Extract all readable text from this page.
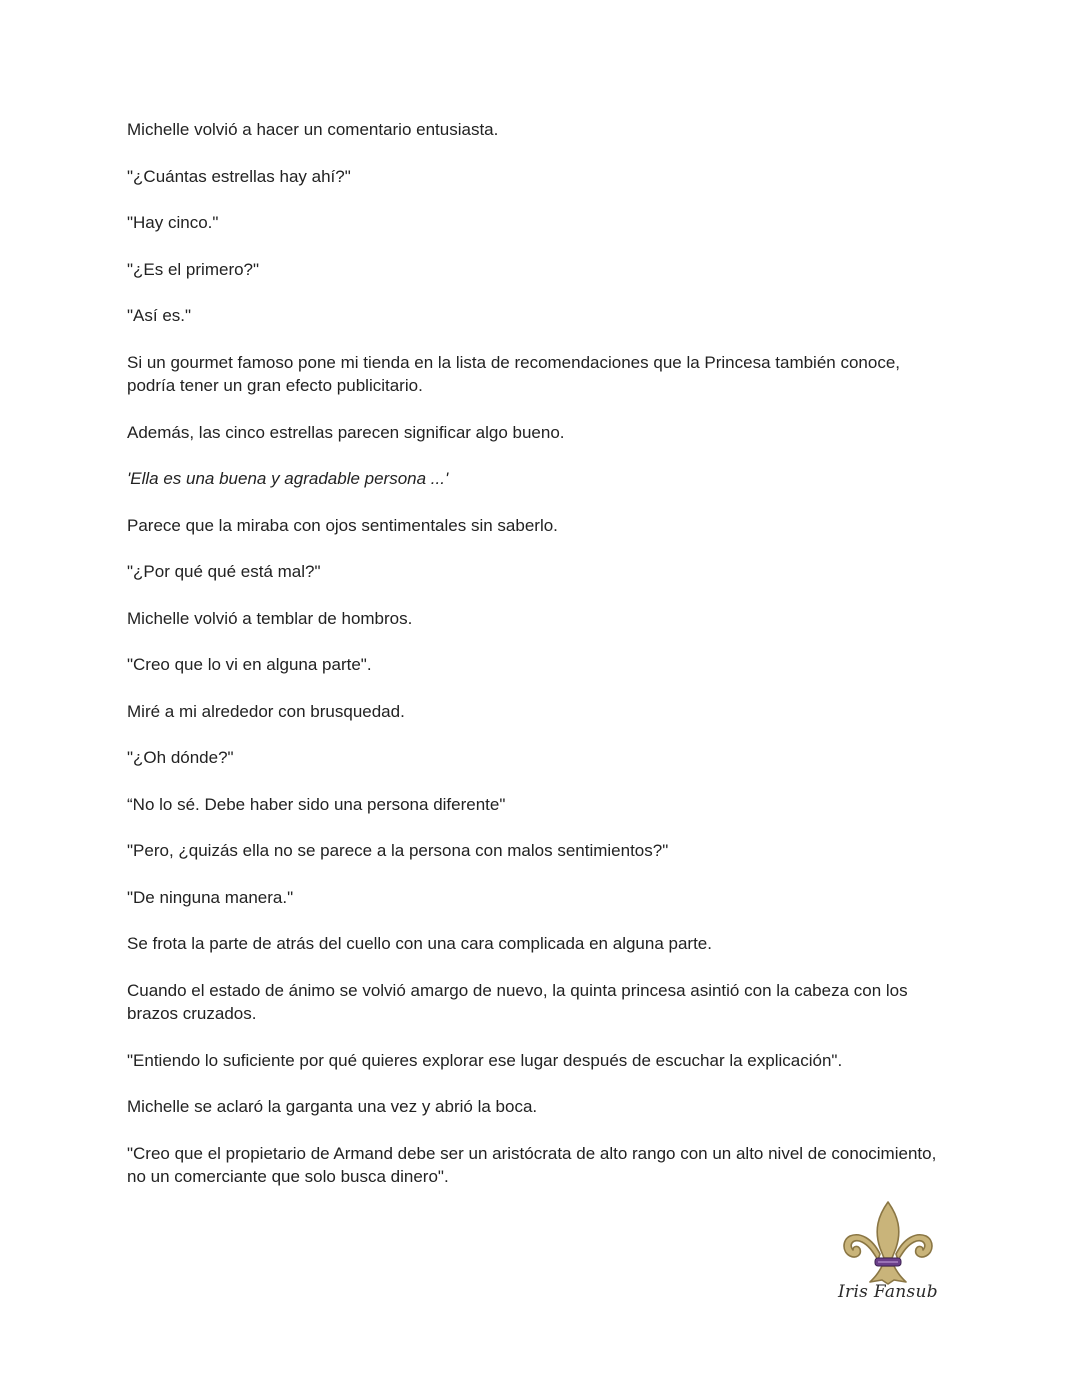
Michelle volvió a hacer un comentario entusiasta.

"¿Cuántas estrellas hay ahí?"

"Hay cinco."

"¿Es el primero?"

"Así es."

Si un gourmet famoso pone mi tienda en la lista de recomendaciones que la Princesa también conoce, podría tener un gran efecto publicitario.

Además, las cinco estrellas parecen significar algo bueno.

'Ella es una buena y agradable persona ...'

Parece que la miraba con ojos sentimentales sin saberlo.

"¿Por qué qué está mal?"

Michelle volvió a temblar de hombros.

"Creo que lo vi en alguna parte".

Miré a mi alrededor con brusquedad.

"¿Oh dónde?"

“No lo sé. Debe haber sido una persona diferente"

"Pero, ¿quizás ella no se parece a la persona con malos sentimientos?"

"De ninguna manera."

Se frota la parte de atrás del cuello con una cara complicada en alguna parte.

Cuando el estado de ánimo se volvió amargo de nuevo, la quinta princesa asintió con la cabeza con los brazos cruzados.

"Entiendo lo suficiente por qué quieres explorar ese lugar después de escuchar la explicación".

Michelle se aclaró la garganta una vez y abrió la boca.

"Creo que el propietario de Armand debe ser un aristócrata de alto rango con un alto nivel de conocimiento, no un comerciante que solo busca dinero".

Iris Fansub
